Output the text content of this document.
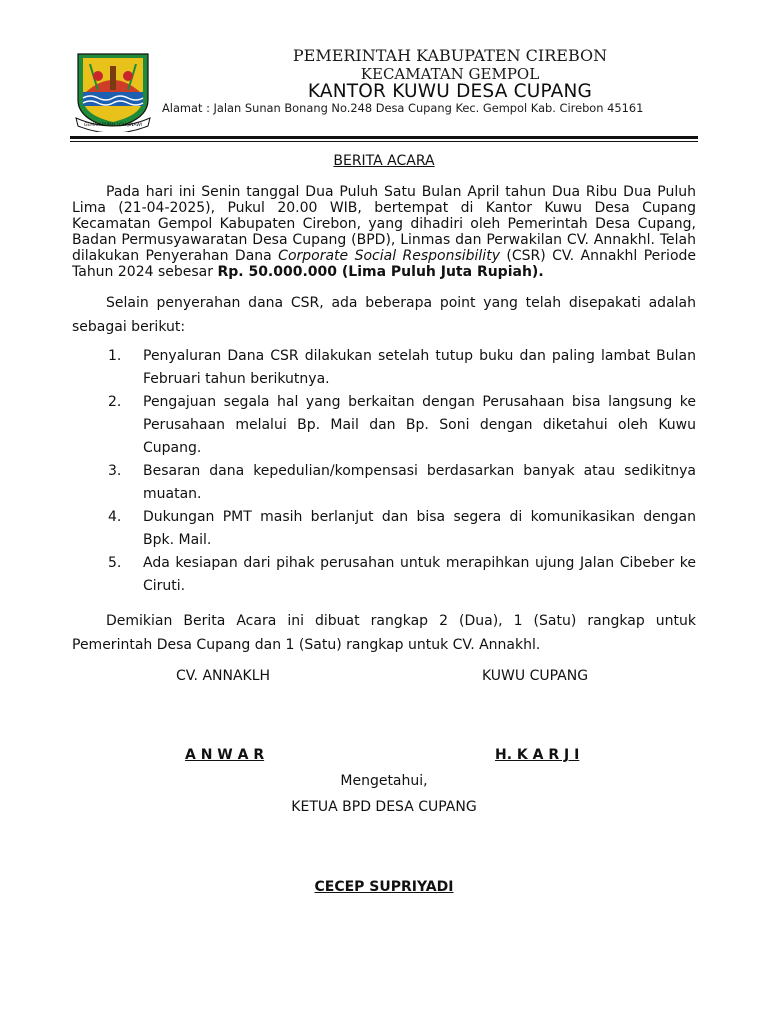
GEMAH RIPAH LOH JINAWI
PEMERINTAH KABUPATEN CIREBON
KECAMATAN GEMPOL
KANTOR KUWU DESA CUPANG
Alamat : Jalan Sunan Bonang No.248 Desa Cupang Kec. Gempol Kab. Cirebon 45161
BERITA ACARA
Pada hari ini Senin tanggal Dua Puluh Satu Bulan April tahun Dua Ribu Dua Puluh Lima (21-04-2025), Pukul 20.00 WIB, bertempat di Kantor Kuwu Desa Cupang Kecamatan Gempol Kabupaten Cirebon, yang dihadiri oleh Pemerintah Desa Cupang, Badan Permusyawaratan Desa Cupang (BPD), Linmas dan Perwakilan CV. Annakhl. Telah dilakukan Penyerahan Dana Corporate Social Responsibility (CSR) CV. Annakhl Periode Tahun 2024 sebesar Rp. 50.000.000 (Lima Puluh Juta Rupiah).
Selain penyerahan dana CSR, ada beberapa point yang telah disepakati adalah sebagai berikut:
1. Penyaluran Dana CSR dilakukan setelah tutup buku dan paling lambat Bulan Februari tahun berikutnya.
2. Pengajuan segala hal yang berkaitan dengan Perusahaan bisa langsung ke Perusahaan melalui Bp. Mail dan Bp. Soni dengan diketahui oleh Kuwu Cupang.
3. Besaran dana kepedulian/kompensasi berdasarkan banyak atau sedikitnya muatan.
4. Dukungan PMT masih berlanjut dan bisa segera di komunikasikan dengan Bpk. Mail.
5. Ada kesiapan dari pihak perusahan untuk merapihkan ujung Jalan Cibeber ke Ciruti.
Demikian Berita Acara ini dibuat rangkap 2 (Dua), 1 (Satu) rangkap untuk Pemerintah Desa Cupang dan 1 (Satu) rangkap untuk CV. Annakhl.
CV. ANNAKLH	KUWU CUPANG
A N W A R	H. K A R J I
Mengetahui,
KETUA BPD DESA CUPANG
CECEP SUPRIYADI
